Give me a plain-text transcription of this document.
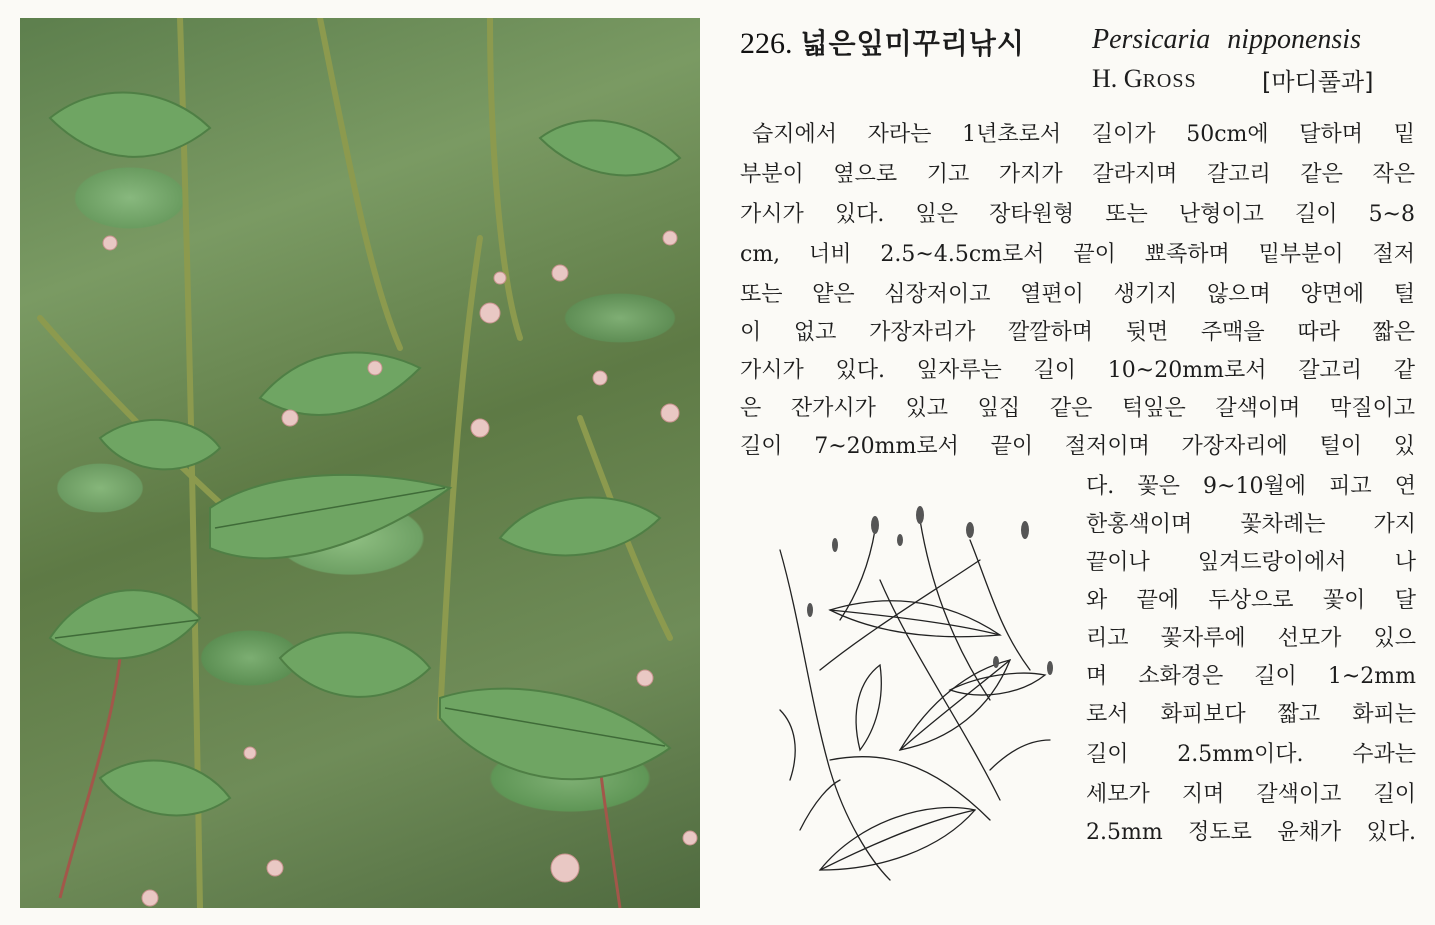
226. 넓은잎미꾸리낚시 Persicaria nipponensis
H. GROSS	[마디풀과]
습지에서 자라는 1년초로서 길이가 50cm에 달하며 밑
부분이 옆으로 기고 가지가 갈라지며 갈고리 같은 작은
가시가 있다. 잎은 장타원형 또는 난형이고 길이 5~8
cm, 너비 2.5~4.5cm로서 끝이 뾰족하며 밑부분이 절저
또는 얕은 심장저이고 열편이 생기지 않으며 양면에 털
이 없고 가장자리가 깔깔하며 뒷면 주맥을 따라 짧은
가시가 있다. 잎자루는 길이 10~20mm로서 갈고리 같
은 잔가시가 있고 잎집 같은 턱잎은 갈색이며 막질이고
길이 7~20mm로서 끝이 절저이며 가장자리에 털이 있
다. 꽃은 9~10월에 피고 연
한홍색이며 꽃차례는 가지
끝이나 잎겨드랑이에서 나
와 끝에 두상으로 꽃이 달
리고 꽃자루에 선모가 있으
며 소화경은 길이 1~2mm
로서 화피보다 짧고 화피는
길이 2.5mm이다. 수과는
세모가 지며 갈색이고 길이
2.5mm 정도로 윤채가 있다.
